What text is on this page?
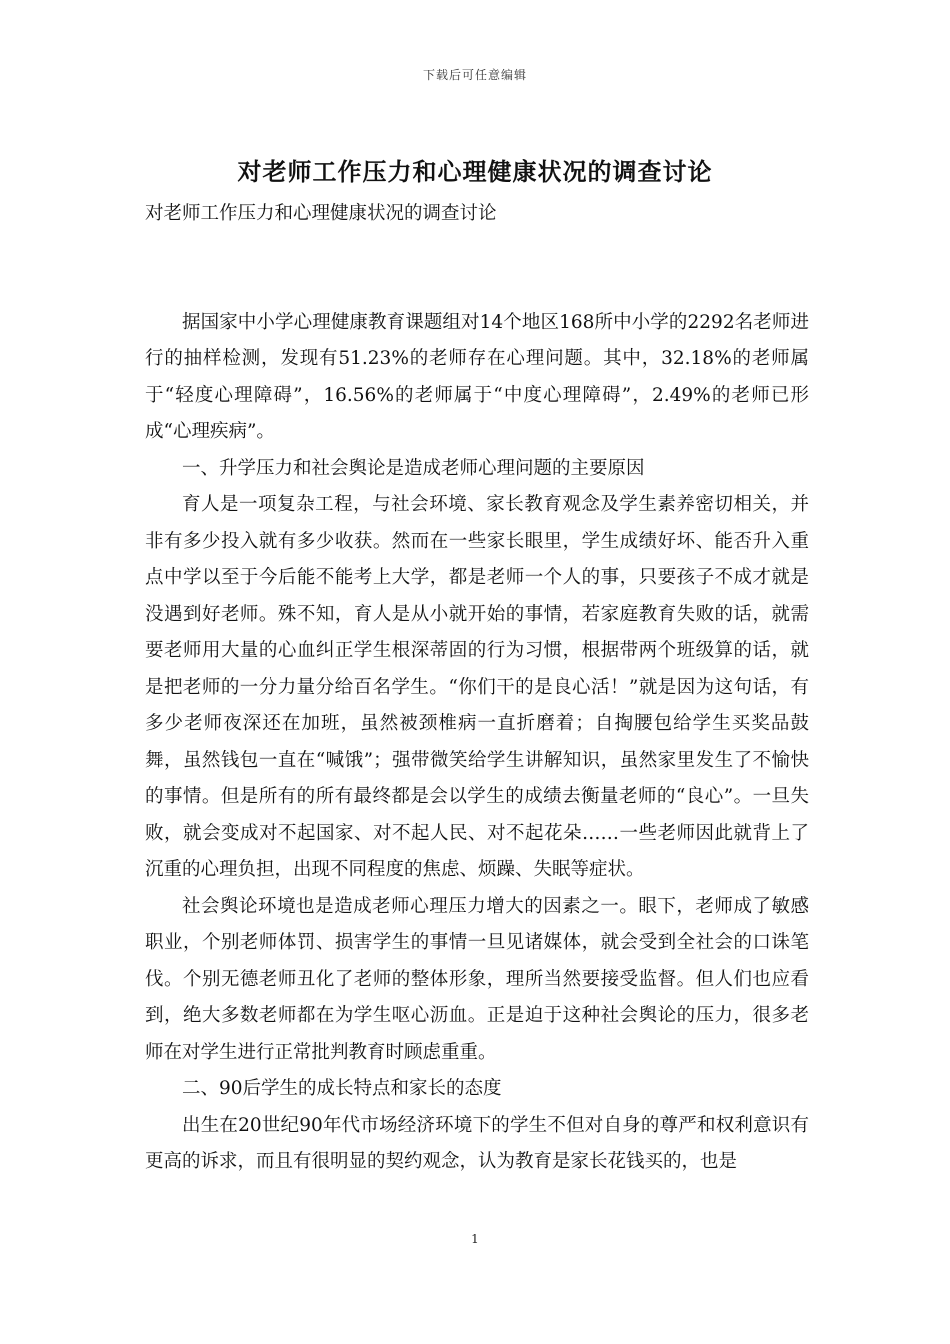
下载后可任意编辑
对老师工作压力和心理健康状况的调查讨论

对老师工作压力和心理健康状况的调查讨论

据国家中小学心理健康教育课题组对14个地区168所中小学的2292名老师进行的抽样检测，发现有51.23%的老师存在心理问题。其中，32.18%的老师属于“轻度心理障碍”，16.56%的老师属于“中度心理障碍”，2.49%的老师已形成“心理疾病”。

一、升学压力和社会舆论是造成老师心理问题的主要原因

育人是一项复杂工程，与社会环境、家长教育观念及学生素养密切相关，并非有多少投入就有多少收获。然而在一些家长眼里，学生成绩好坏、能否升入重点中学以至于今后能不能考上大学，都是老师一个人的事，只要孩子不成才就是没遇到好老师。殊不知，育人是从小就开始的事情，若家庭教育失败的话，就需要老师用大量的心血纠正学生根深蒂固的行为习惯，根据带两个班级算的话，就是把老师的一分力量分给百名学生。“你们干的是良心活！”就是因为这句话，有多少老师夜深还在加班，虽然被颈椎病一直折磨着；自掏腰包给学生买奖品鼓舞，虽然钱包一直在“喊饿”；强带微笑给学生讲解知识，虽然家里发生了不愉快的事情。但是所有的所有最终都是会以学生的成绩去衡量老师的“良心”。一旦失败，就会变成对不起国家、对不起人民、对不起花朵……一些老师因此就背上了沉重的心理负担，出现不同程度的焦虑、烦躁、失眠等症状。

社会舆论环境也是造成老师心理压力增大的因素之一。眼下，老师成了敏感职业，个别老师体罚、损害学生的事情一旦见诸媒体，就会受到全社会的口诛笔伐。个别无德老师丑化了老师的整体形象，理所当然要接受监督。但人们也应看到，绝大多数老师都在为学生呕心沥血。正是迫于这种社会舆论的压力，很多老师在对学生进行正常批判教育时顾虑重重。

二、90后学生的成长特点和家长的态度

出生在20世纪90年代市场经济环境下的学生不但对自身的尊严和权利意识有更高的诉求，而且有很明显的契约观念，认为教育是家长花钱买的，也是

1
